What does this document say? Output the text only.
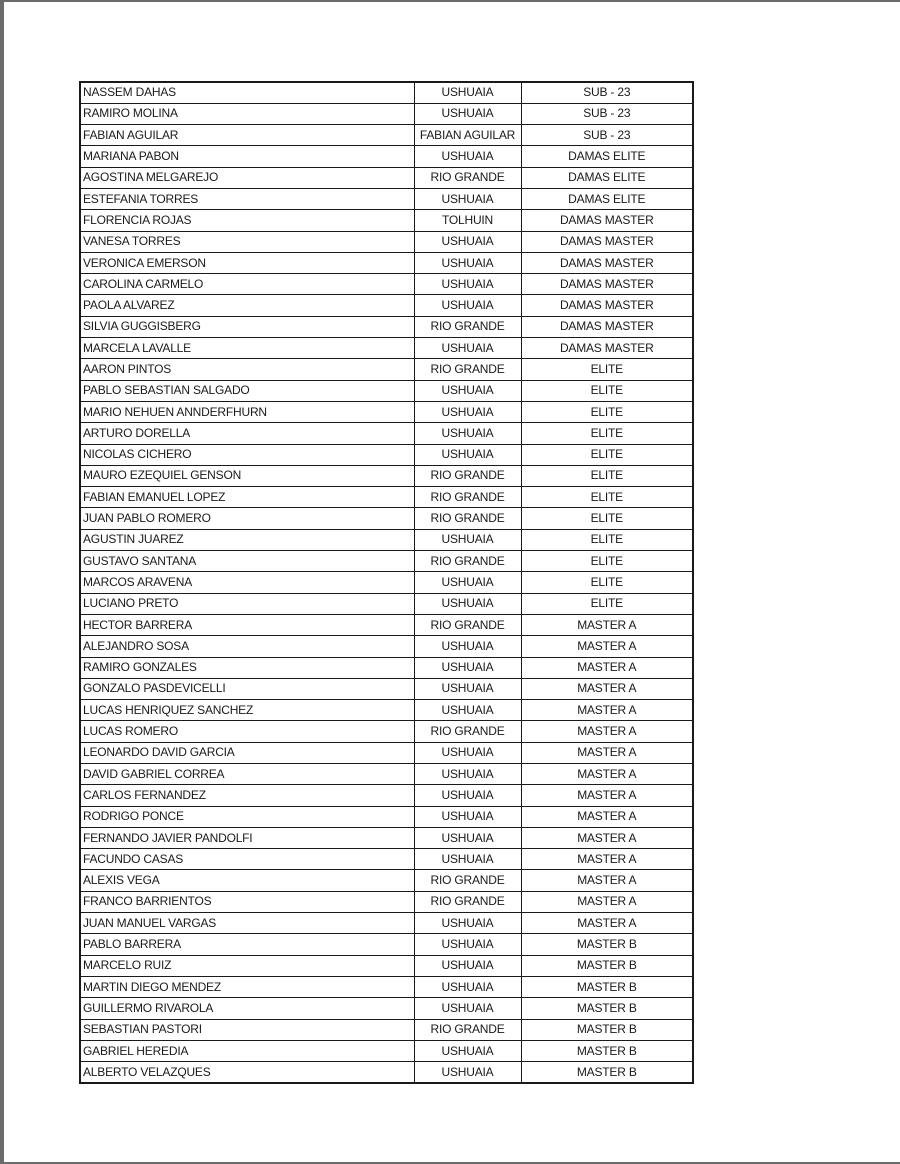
NASSEM DAHAS	USHUAIA	SUB - 23
RAMIRO MOLINA	USHUAIA	SUB - 23
FABIAN AGUILAR	FABIAN AGUILAR	SUB - 23
MARIANA PABON	USHUAIA	DAMAS ELITE
AGOSTINA MELGAREJO	RIO GRANDE	DAMAS ELITE
ESTEFANIA TORRES	USHUAIA	DAMAS ELITE
FLORENCIA ROJAS	TOLHUIN	DAMAS MASTER
VANESA TORRES	USHUAIA	DAMAS MASTER
VERONICA EMERSON	USHUAIA	DAMAS MASTER
CAROLINA CARMELO	USHUAIA	DAMAS MASTER
PAOLA ALVAREZ	USHUAIA	DAMAS MASTER
SILVIA GUGGISBERG	RIO GRANDE	DAMAS MASTER
MARCELA LAVALLE	USHUAIA	DAMAS MASTER
AARON PINTOS	RIO GRANDE	ELITE
PABLO SEBASTIAN SALGADO	USHUAIA	ELITE
MARIO NEHUEN ANNDERFHURN	USHUAIA	ELITE
ARTURO DORELLA	USHUAIA	ELITE
NICOLAS CICHERO	USHUAIA	ELITE
MAURO EZEQUIEL GENSON	RIO GRANDE	ELITE
FABIAN EMANUEL LOPEZ	RIO GRANDE	ELITE
JUAN PABLO ROMERO	RIO GRANDE	ELITE
AGUSTIN JUAREZ	USHUAIA	ELITE
GUSTAVO SANTANA	RIO GRANDE	ELITE
MARCOS ARAVENA	USHUAIA	ELITE
LUCIANO PRETO	USHUAIA	ELITE
HECTOR BARRERA	RIO GRANDE	MASTER A
ALEJANDRO SOSA	USHUAIA	MASTER A
RAMIRO GONZALES	USHUAIA	MASTER A
GONZALO PASDEVICELLI	USHUAIA	MASTER A
LUCAS HENRIQUEZ SANCHEZ	USHUAIA	MASTER A
LUCAS ROMERO	RIO GRANDE	MASTER A
LEONARDO DAVID GARCIA	USHUAIA	MASTER A
DAVID GABRIEL CORREA	USHUAIA	MASTER A
CARLOS FERNANDEZ	USHUAIA	MASTER A
RODRIGO PONCE	USHUAIA	MASTER A
FERNANDO JAVIER PANDOLFI	USHUAIA	MASTER A
FACUNDO CASAS	USHUAIA	MASTER A
ALEXIS VEGA	RIO GRANDE	MASTER A
FRANCO BARRIENTOS	RIO GRANDE	MASTER A
JUAN MANUEL VARGAS	USHUAIA	MASTER A
PABLO BARRERA	USHUAIA	MASTER B
MARCELO RUIZ	USHUAIA	MASTER B
MARTIN DIEGO MENDEZ	USHUAIA	MASTER B
GUILLERMO RIVAROLA	USHUAIA	MASTER B
SEBASTIAN PASTORI	RIO GRANDE	MASTER B
GABRIEL HEREDIA	USHUAIA	MASTER B
ALBERTO VELAZQUES	USHUAIA	MASTER B
